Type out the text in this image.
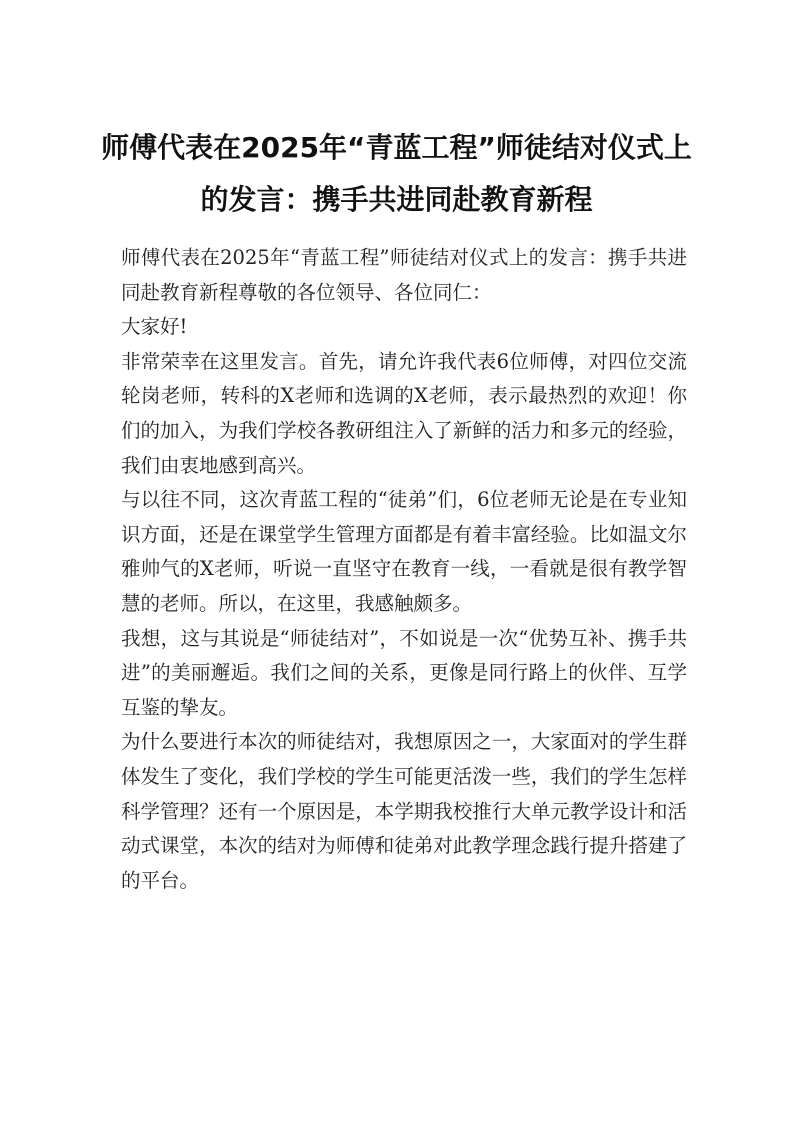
师傅代表在2025年“青蓝工程”师徒结对仪式上的发言：携手共进同赴教育新程

师傅代表在2025年“青蓝工程”师徒结对仪式上的发言：携手共进同赴教育新程尊敬的各位领导、各位同仁：

大家好!

非常荣幸在这里发言。首先，请允许我代表6位师傅，对四位交流轮岗老师，转科的X老师和选调的X老师，表示最热烈的欢迎！你们的加入，为我们学校各教研组注入了新鲜的活力和多元的经验，我们由衷地感到高兴。

与以往不同，这次青蓝工程的“徒弟”们，6位老师无论是在专业知识方面，还是在课堂学生管理方面都是有着丰富经验。比如温文尔雅帅气的X老师，听说一直坚守在教育一线，一看就是很有教学智慧的老师。所以，在这里，我感触颇多。

我想，这与其说是“师徒结对”，不如说是一次“优势互补、携手共进”的美丽邂逅。我们之间的关系，更像是同行路上的伙伴、互学互鉴的挚友。

为什么要进行本次的师徒结对，我想原因之一，大家面对的学生群体发生了变化，我们学校的学生可能更活泼一些，我们的学生怎样科学管理？还有一个原因是，本学期我校推行大单元教学设计和活动式课堂，本次的结对为师傅和徒弟对此教学理念践行提升搭建了的平台。
